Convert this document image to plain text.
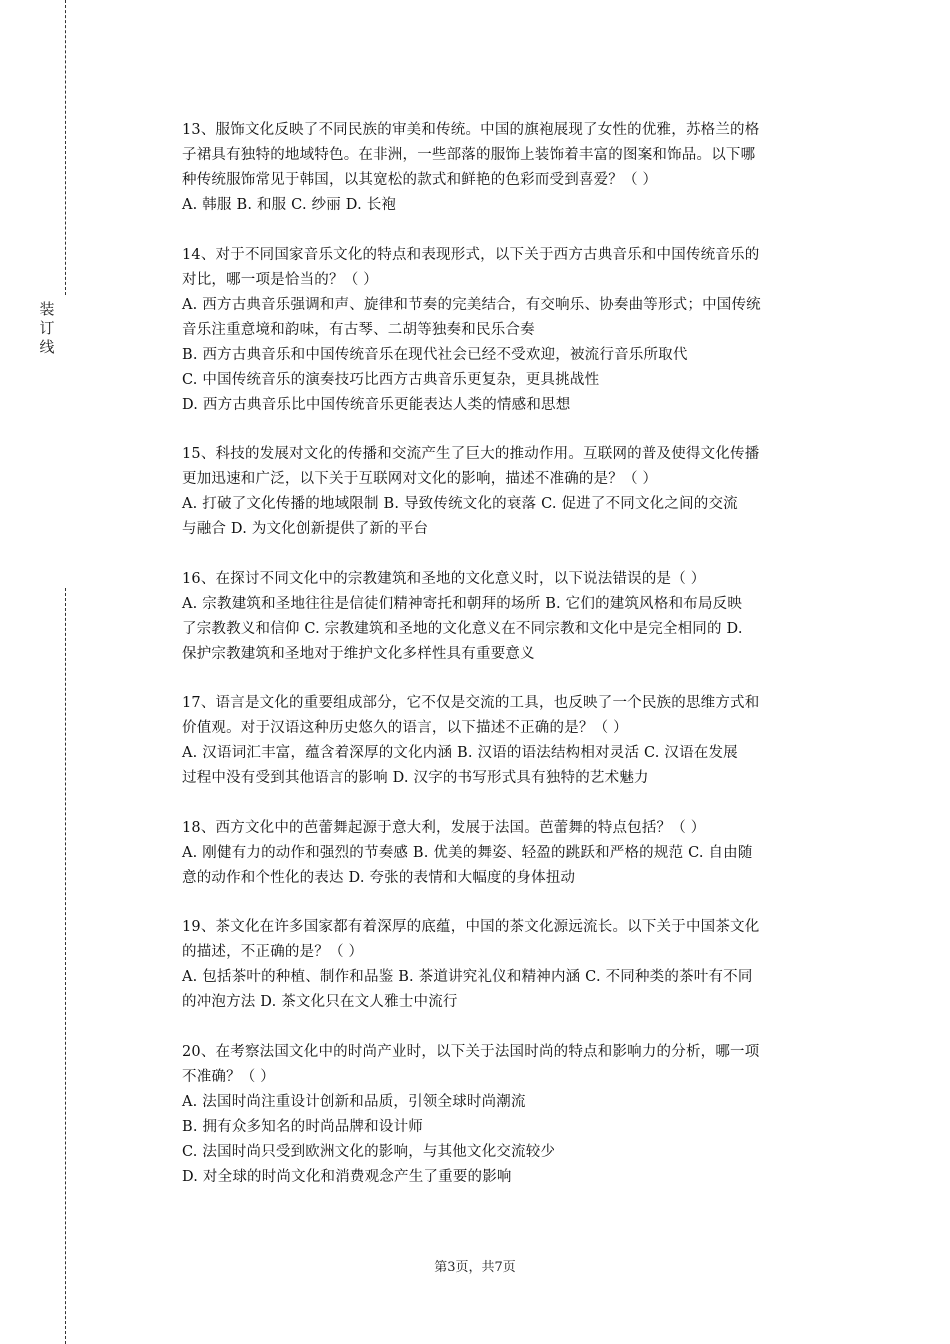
装
订
线
13、服饰文化反映了不同民族的审美和传统。中国的旗袍展现了女性的优雅，苏格兰的格
子裙具有独特的地域特色。在非洲，一些部落的服饰上装饰着丰富的图案和饰品。以下哪
种传统服饰常见于韩国，以其宽松的款式和鲜艳的色彩而受到喜爱？（ ）
A. 韩服 B. 和服 C. 纱丽 D. 长袍
14、对于不同国家音乐文化的特点和表现形式，以下关于西方古典音乐和中国传统音乐的
对比，哪一项是恰当的？（ ）
A. 西方古典音乐强调和声、旋律和节奏的完美结合，有交响乐、协奏曲等形式；中国传统
音乐注重意境和韵味，有古琴、二胡等独奏和民乐合奏
B. 西方古典音乐和中国传统音乐在现代社会已经不受欢迎，被流行音乐所取代
C. 中国传统音乐的演奏技巧比西方古典音乐更复杂，更具挑战性
D. 西方古典音乐比中国传统音乐更能表达人类的情感和思想
15、科技的发展对文化的传播和交流产生了巨大的推动作用。互联网的普及使得文化传播
更加迅速和广泛，以下关于互联网对文化的影响，描述不准确的是？（ ）
A. 打破了文化传播的地域限制 B. 导致传统文化的衰落 C. 促进了不同文化之间的交流
与融合 D. 为文化创新提供了新的平台
16、在探讨不同文化中的宗教建筑和圣地的文化意义时，以下说法错误的是（ ）
A. 宗教建筑和圣地往往是信徒们精神寄托和朝拜的场所 B. 它们的建筑风格和布局反映
了宗教教义和信仰 C. 宗教建筑和圣地的文化意义在不同宗教和文化中是完全相同的 D.
保护宗教建筑和圣地对于维护文化多样性具有重要意义
17、语言是文化的重要组成部分，它不仅是交流的工具，也反映了一个民族的思维方式和
价值观。对于汉语这种历史悠久的语言，以下描述不正确的是？（ ）
A. 汉语词汇丰富，蕴含着深厚的文化内涵 B. 汉语的语法结构相对灵活 C. 汉语在发展
过程中没有受到其他语言的影响 D. 汉字的书写形式具有独特的艺术魅力
18、西方文化中的芭蕾舞起源于意大利，发展于法国。芭蕾舞的特点包括？（ ）
A. 刚健有力的动作和强烈的节奏感 B. 优美的舞姿、轻盈的跳跃和严格的规范 C. 自由随
意的动作和个性化的表达 D. 夸张的表情和大幅度的身体扭动
19、茶文化在许多国家都有着深厚的底蕴，中国的茶文化源远流长。以下关于中国茶文化
的描述，不正确的是？（ ）
A. 包括茶叶的种植、制作和品鉴 B. 茶道讲究礼仪和精神内涵 C. 不同种类的茶叶有不同
的冲泡方法 D. 茶文化只在文人雅士中流行
20、在考察法国文化中的时尚产业时，以下关于法国时尚的特点和影响力的分析，哪一项
不准确？（ ）
A. 法国时尚注重设计创新和品质，引领全球时尚潮流
B. 拥有众多知名的时尚品牌和设计师
C. 法国时尚只受到欧洲文化的影响，与其他文化交流较少
D. 对全球的时尚文化和消费观念产生了重要的影响
第3页，共7页
